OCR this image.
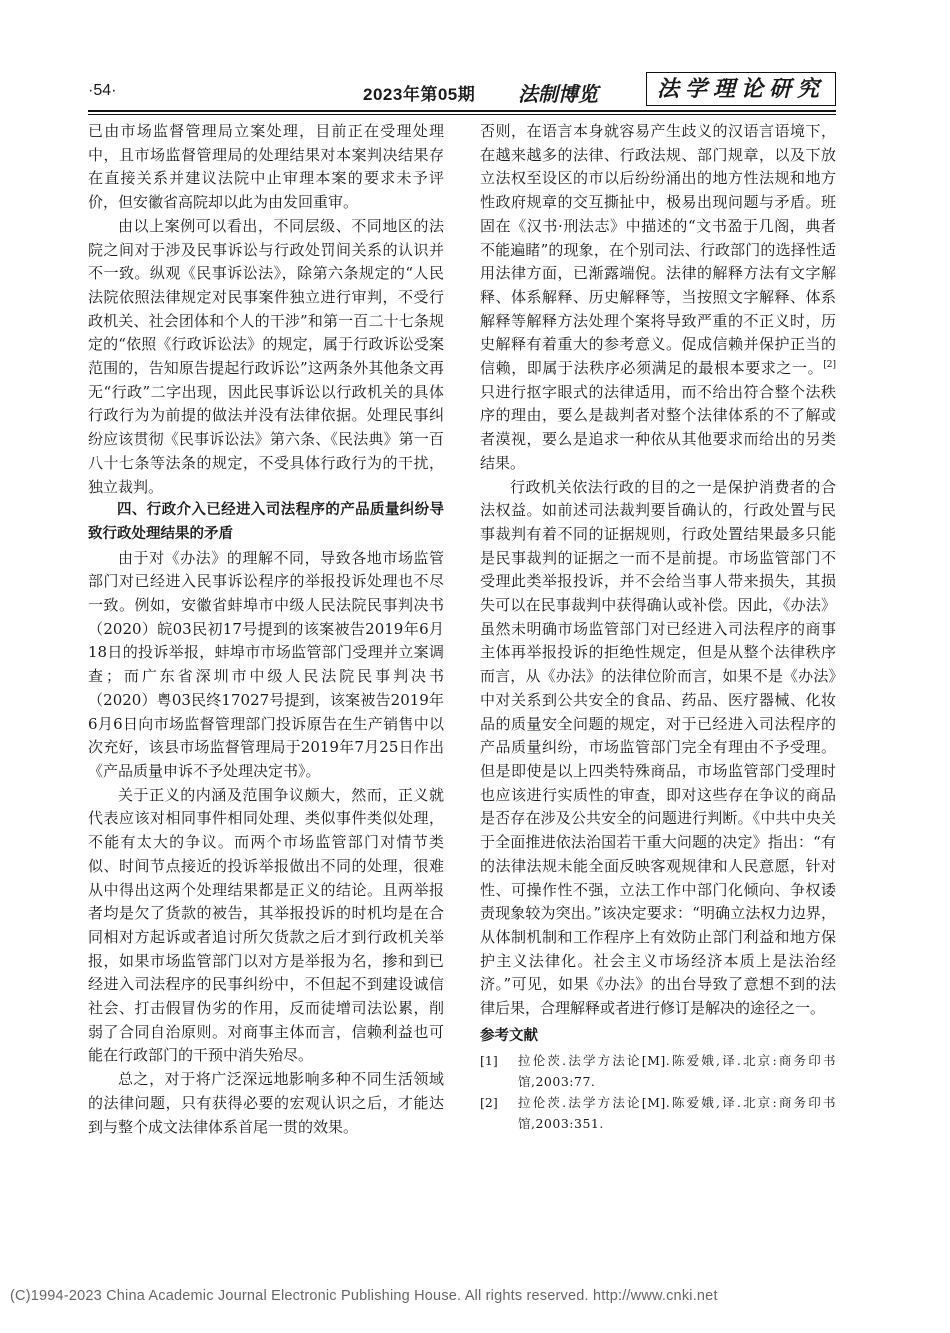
·54·	2023年第05期 法制博览	法学理论研究

已由市场监督管理局立案处理，目前正在受理处理中，且市场监督管理局的处理结果对本案判决结果存在直接关系并建议法院中止审理本案的要求未予评价，但安徽省高院却以此为由发回重审。

由以上案例可以看出，不同层级、不同地区的法院之间对于涉及民事诉讼与行政处罚间关系的认识并不一致。纵观《民事诉讼法》，除第六条规定的“人民法院依照法律规定对民事案件独立进行审判，不受行政机关、社会团体和个人的干涉”和第一百二十七条规定的“依照《行政诉讼法》的规定，属于行政诉讼受案范围的，告知原告提起行政诉讼”这两条外其他条文再无“行政”二字出现，因此民事诉讼以行政机关的具体行政行为为前提的做法并没有法律依据。处理民事纠纷应该贯彻《民事诉讼法》第六条、《民法典》第一百八十七条等法条的规定，不受具体行政行为的干扰，独立裁判。

四、行政介入已经进入司法程序的产品质量纠纷导致行政处理结果的矛盾

由于对《办法》的理解不同，导致各地市场监管部门对已经进入民事诉讼程序的举报投诉处理也不尽一致。例如，安徽省蚌埠市中级人民法院民事判决书（2020）皖03民初17号提到的该案被告2019年6月18日的投诉举报，蚌埠市市场监管部门受理并立案调查；而广东省深圳市中级人民法院民事判决书（2020）粤03民终17027号提到，该案被告2019年6月6日向市场监督管理部门投诉原告在生产销售中以次充好，该县市场监督管理局于2019年7月25日作出《产品质量申诉不予处理决定书》。

关于正义的内涵及范围争议颇大，然而，正义就代表应该对相同事件相同处理、类似事件类似处理，不能有太大的争议。而两个市场监管部门对情节类似、时间节点接近的投诉举报做出不同的处理，很难从中得出这两个处理结果都是正义的结论。且两举报者均是欠了货款的被告，其举报投诉的时机均是在合同相对方起诉或者追讨所欠货款之后才到行政机关举报，如果市场监管部门以对方是举报为名，掺和到已经进入司法程序的民事纠纷中，不但起不到建设诚信社会、打击假冒伪劣的作用，反而徒增司法讼累，削弱了合同自治原则。对商事主体而言，信赖利益也可能在行政部门的干预中消失殆尽。

总之，对于将广泛深远地影响多种不同生活领域的法律问题，只有获得必要的宏观认识之后，才能达到与整个成文法律体系首尾一贯的效果。

否则，在语言本身就容易产生歧义的汉语言语境下，在越来越多的法律、行政法规、部门规章，以及下放立法权至设区的市以后纷纷涌出的地方性法规和地方性政府规章的交互撕扯中，极易出现问题与矛盾。班固在《汉书·刑法志》中描述的“文书盈于几阁，典者不能遍睹”的现象，在个别司法、行政部门的选择性适用法律方面，已渐露端倪。法律的解释方法有文字解释、体系解释、历史解释等，当按照文字解释、体系解释等解释方法处理个案将导致严重的不正义时，历史解释有着重大的参考意义。促成信赖并保护正当的信赖，即属于法秩序必须满足的最根本要求之一。[2]只进行抠字眼式的法律适用，而不给出符合整个法秩序的理由，要么是裁判者对整个法律体系的不了解或者漠视，要么是追求一种依从其他要求而给出的另类结果。

行政机关依法行政的目的之一是保护消费者的合法权益。如前述司法裁判要旨确认的，行政处置与民事裁判有着不同的证据规则，行政处置结果最多只能是民事裁判的证据之一而不是前提。市场监管部门不受理此类举报投诉，并不会给当事人带来损失，其损失可以在民事裁判中获得确认或补偿。因此，《办法》虽然未明确市场监管部门对已经进入司法程序的商事主体再举报投诉的拒绝性规定，但是从整个法律秩序而言，从《办法》的法律位阶而言，如果不是《办法》中对关系到公共安全的食品、药品、医疗器械、化妆品的质量安全问题的规定，对于已经进入司法程序的产品质量纠纷，市场监管部门完全有理由不予受理。但是即使是以上四类特殊商品，市场监管部门受理时也应该进行实质性的审查，即对这些存在争议的商品是否存在涉及公共安全的问题进行判断。《中共中央关于全面推进依法治国若干重大问题的决定》指出：“有的法律法规未能全面反映客观规律和人民意愿，针对性、可操作性不强，立法工作中部门化倾向、争权诿责现象较为突出。”该决定要求：“明确立法权力边界，从体制机制和工作程序上有效防止部门利益和地方保护主义法律化。社会主义市场经济本质上是法治经济。”可见，如果《办法》的出台导致了意想不到的法律后果，合理解释或者进行修订是解决的途径之一。

参考文献
[1]	拉伦茨.法学方法论[M].陈爱娥,译.北京:商务印书馆,2003:77.
[2]	拉伦茨.法学方法论[M].陈爱娥,译.北京:商务印书馆,2003:351.
(C)1994-2023 China Academic Journal Electronic Publishing House. All rights reserved. http://www.cnki.net
